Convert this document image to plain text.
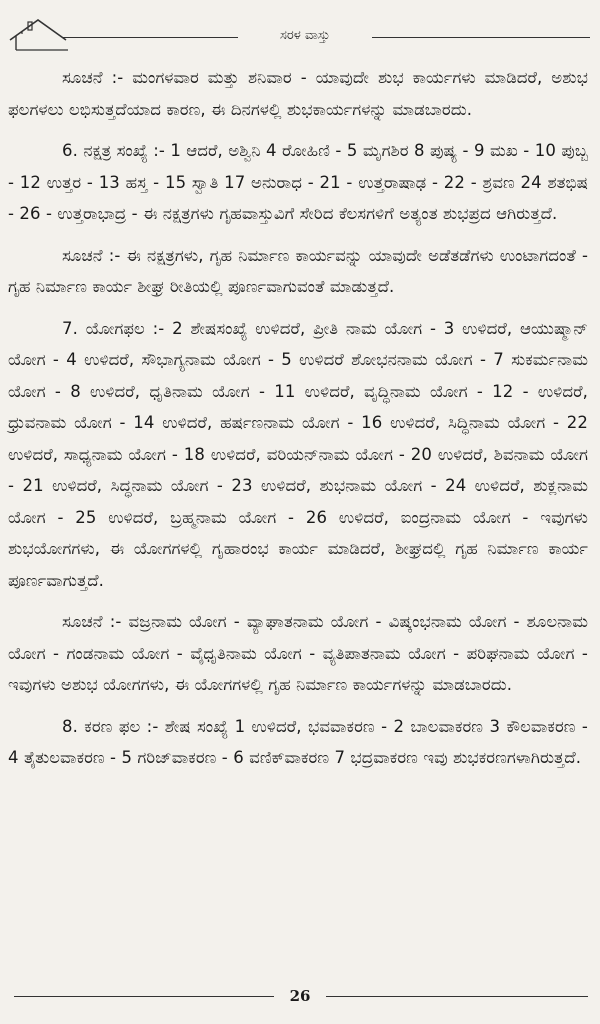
ಸರಳ ವಾಸ್ತು

ಸೂಚನೆ :- ಮಂಗಳವಾರ ಮತ್ತು ಶನಿವಾರ - ಯಾವುದೇ ಶುಭ ಕಾರ್ಯಗಳು ಮಾಡಿದರೆ, ಅಶುಭ ಫಲಗಳಲು ಲಭಿಸುತ್ತದೆಯಾದ ಕಾರಣ, ಈ ದಿನಗಳಲ್ಲಿ ಶುಭಕಾರ್ಯಗಳನ್ನು ಮಾಡಬಾರದು.

6. ನಕ್ಷತ್ರ ಸಂಖ್ಯೆ :- 1 ಆದರೆ, ಅಶ್ವಿನಿ 4 ರೋಹಿಣಿ - 5 ಮೃಗಶಿರ 8 ಪುಷ್ಯ - 9 ಮಖ - 10 ಪುಬ್ಬ - 12 ಉತ್ತರ - 13 ಹಸ್ತ - 15 ಸ್ವಾತಿ 17 ಅನುರಾಧ - 21 - ಉತ್ತರಾಷಾಢ - 22 - ಶ್ರವಣ 24 ಶತಭಿಷ - 26 - ಉತ್ತರಾಭಾದ್ರ - ಈ ನಕ್ಷತ್ರಗಳು ಗೃಹವಾಸ್ತುವಿಗೆ ಸೇರಿದ ಕೆಲಸಗಳಿಗೆ ಅತ್ಯಂತ ಶುಭಪ್ರದ ಆಗಿರುತ್ತದೆ.

ಸೂಚನೆ :- ಈ ನಕ್ಷತ್ರಗಳು, ಗೃಹ ನಿರ್ಮಾಣ ಕಾರ್ಯವನ್ನು ಯಾವುದೇ ಅಡೆತಡೆಗಳು ಉಂಟಾಗದಂತೆ - ಗೃಹ ನಿರ್ಮಾಣ ಕಾರ್ಯ ಶೀಘ್ರ ರೀತಿಯಲ್ಲಿ ಪೂರ್ಣವಾಗುವಂತೆ ಮಾಡುತ್ತದೆ.

7. ಯೋಗಫಲ :- 2 ಶೇಷಸಂಖ್ಯೆ ಉಳಿದರೆ, ಪ್ರೀತಿ ನಾಮ ಯೋಗ - 3 ಉಳಿದರೆ, ಆಯುಷ್ಮಾನ್ ಯೋಗ - 4 ಉಳಿದರೆ, ಸೌಭಾಗ್ಯನಾಮ ಯೋಗ - 5 ಉಳಿದರೆ ಶೋಭನನಾಮ ಯೋಗ - 7 ಸುಕರ್ಮನಾಮ ಯೋಗ - 8 ಉಳಿದರೆ, ಧೃತಿನಾಮ ಯೋಗ - 11 ಉಳಿದರೆ, ವೃದ್ಧಿನಾಮ ಯೋಗ - 12 - ಉಳಿದರೆ, ಧ್ರುವನಾಮ ಯೋಗ - 14 ಉಳಿದರೆ, ಹರ್ಷಣನಾಮ ಯೋಗ - 16 ಉಳಿದರೆ, ಸಿದ್ಧಿನಾಮ ಯೋಗ - 22 ಉಳಿದರೆ, ಸಾಧ್ಯನಾಮ ಯೋಗ - 18 ಉಳಿದರೆ, ವರಿಯನ್‌ನಾಮ ಯೋಗ - 20 ಉಳಿದರೆ, ಶಿವನಾಮ ಯೋಗ - 21 ಉಳಿದರೆ, ಸಿದ್ಧನಾಮ ಯೋಗ - 23 ಉಳಿದರೆ, ಶುಭನಾಮ ಯೋಗ - 24 ಉಳಿದರೆ, ಶುಕ್ಲನಾಮ ಯೋಗ - 25 ಉಳಿದರೆ, ಬ್ರಹ್ಮನಾಮ ಯೋಗ - 26 ಉಳಿದರೆ, ಐಂದ್ರನಾಮ ಯೋಗ - ಇವುಗಳು ಶುಭಯೋಗಗಳು, ಈ ಯೋಗಗಳಲ್ಲಿ ಗೃಹಾರಂಭ ಕಾರ್ಯ ಮಾಡಿದರೆ, ಶೀಘ್ರದಲ್ಲಿ ಗೃಹ ನಿರ್ಮಾಣ ಕಾರ್ಯ ಪೂರ್ಣವಾಗುತ್ತದೆ.

ಸೂಚನೆ :- ವಜ್ರನಾಮ ಯೋಗ - ವ್ಯಾಘಾತನಾಮ ಯೋಗ - ವಿಷ್ಕಂಭನಾಮ ಯೋಗ - ಶೂಲನಾಮ ಯೋಗ - ಗಂಡನಾಮ ಯೋಗ - ವೈಧೃತಿನಾಮ ಯೋಗ - ವ್ಯತಿಪಾತನಾಮ ಯೋಗ - ಪರಿಘನಾಮ ಯೋಗ - ಇವುಗಳು ಅಶುಭ ಯೋಗಗಳು, ಈ ಯೋಗಗಳಲ್ಲಿ ಗೃಹ ನಿರ್ಮಾಣ ಕಾರ್ಯಗಳನ್ನು ಮಾಡಬಾರದು.

8. ಕರಣ ಫಲ :- ಶೇಷ ಸಂಖ್ಯೆ 1 ಉಳಿದರೆ, ಭವವಾಕರಣ - 2 ಬಾಲವಾಕರಣ 3 ಕೌಲವಾಕರಣ - 4 ತೈತುಲವಾಕರಣ - 5 ಗರಿಜ್‌ವಾಕರಣ - 6 ವಣಿಕ್‌ವಾಕರಣ 7 ಭದ್ರವಾಕರಣ ಇವು ಶುಭಕರಣಗಳಾಗಿರುತ್ತದೆ.

26
